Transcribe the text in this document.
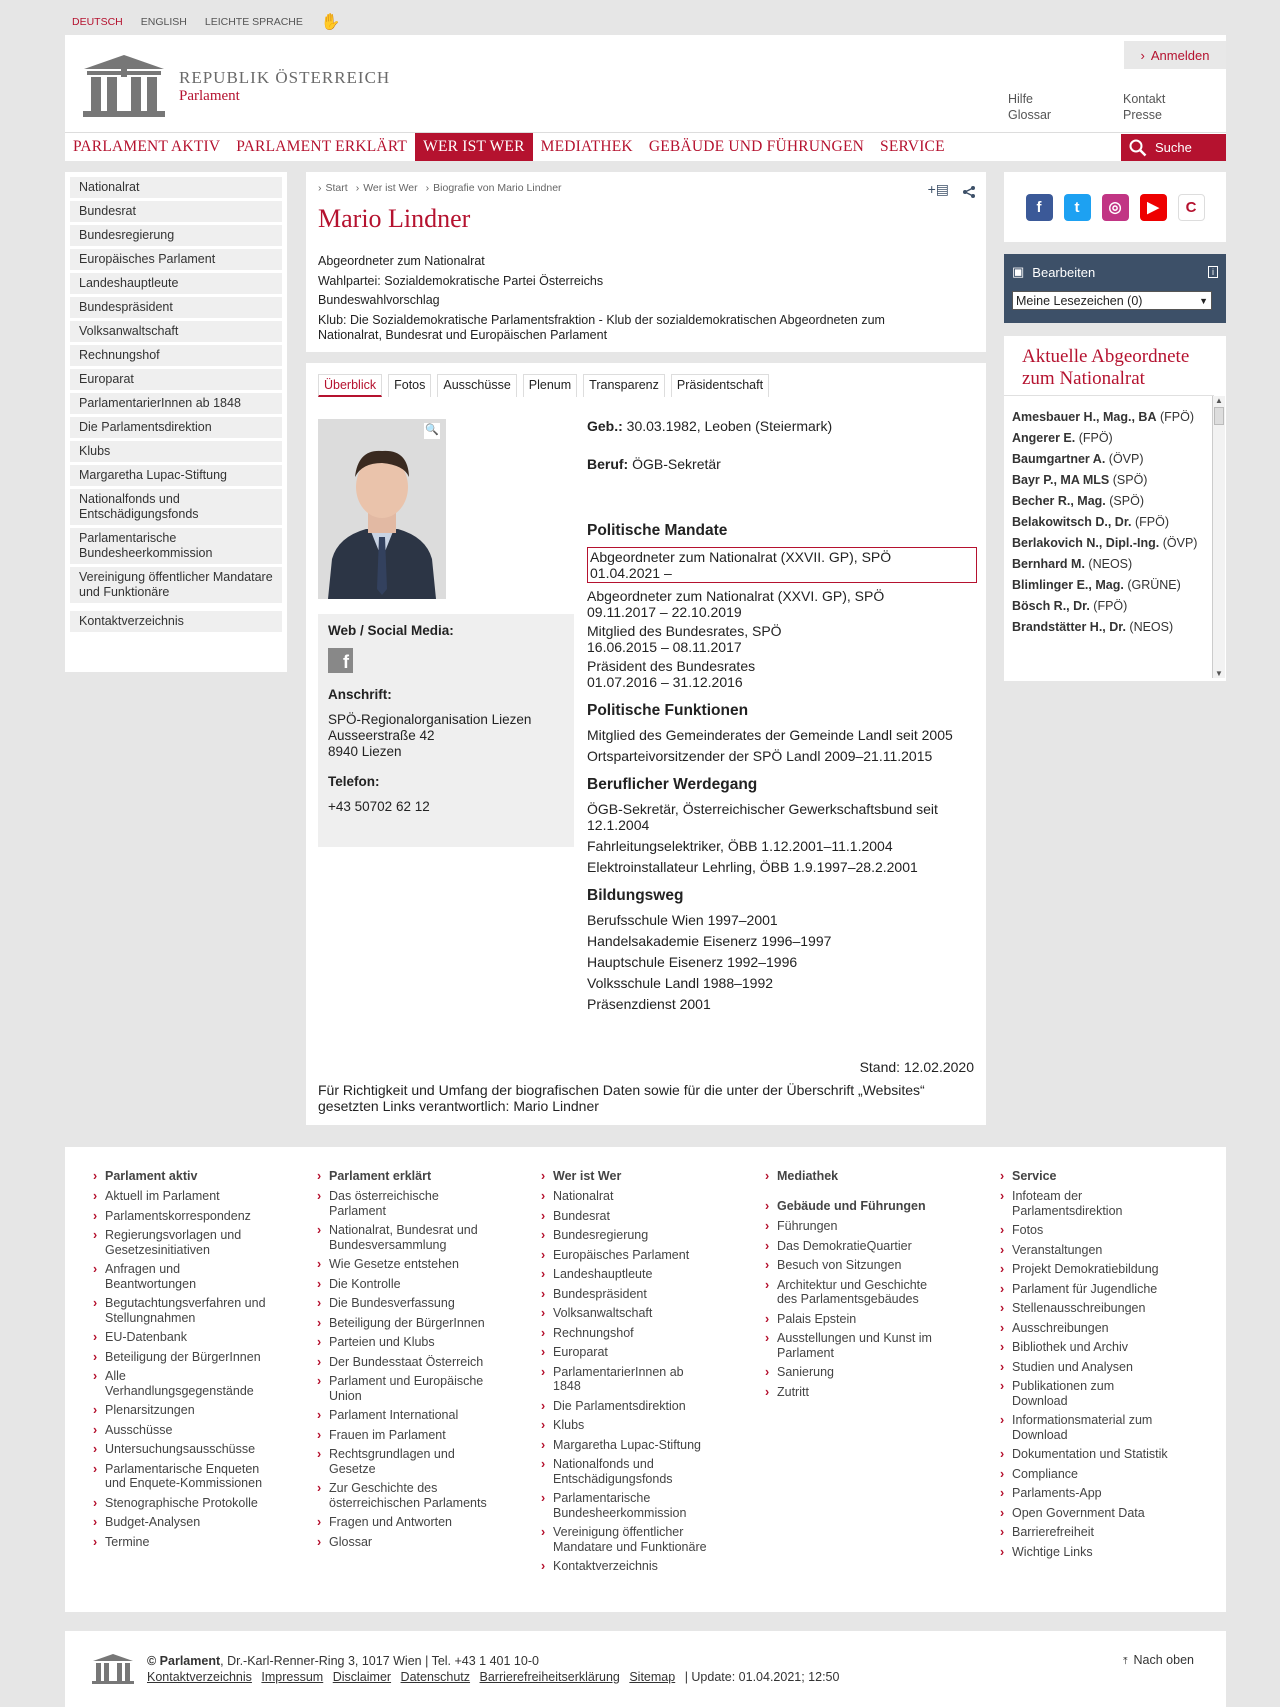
DEUTSCH ENGLISH LEICHTE SPRACHE ✋
› Anmelden
REPUBLIK ÖSTERREICH
Parlament	Hilfe
Glossar
Kontakt
Presse
PARLAMENT AKTIV	PARLAMENT ERKLÄRT	WER IST WER	MEDIATHEK	GEBÄUDE UND FÜHRUNGEN	SERVICE	Suche
Nationalrat
Bundesrat
Bundesregierung
Europäisches Parlament
Landeshauptleute
Bundespräsident
Volksanwaltschaft
Rechnungshof
Europarat
ParlamentarierInnen ab 1848
Die Parlamentsdirektion
Klubs
Margaretha Lupac-Stiftung
Nationalfonds und Entschädigungsfonds
Parlamentarische Bundesheerkommission
Vereinigung öffentlicher Mandatare und Funktionäre
Kontaktverzeichnis
› Start	› Wer ist Wer	› Biografie von Mario Lindner	+▤
Mario Lindner
Abgeordneter zum Nationalrat
Wahlpartei: Sozialdemokratische Partei Österreichs
Bundeswahlvorschlag
Klub: Die Sozialdemokratische Parlamentsfraktion - Klub der sozialdemokratischen Abgeordneten zum Nationalrat, Bundesrat und Europäischen Parlament
Überblick	Fotos	Ausschüsse	Plenum	Transparenz	Präsidentschaft
🔍
Web / Social Media:
f
Anschrift:
SPÖ-Regionalorganisation Liezen
Ausseerstraße 42
8940 Liezen
Telefon:
+43 50702 62 12
Geb.: 30.03.1982, Leoben (Steiermark)
Beruf: ÖGB-Sekretär
Politische Mandate
Abgeordneter zum Nationalrat (XXVII. GP), SPÖ
01.04.2021 –
Abgeordneter zum Nationalrat (XXVI. GP), SPÖ
09.11.2017 – 22.10.2019
Mitglied des Bundesrates, SPÖ
16.06.2015 – 08.11.2017
Präsident des Bundesrates
01.07.2016 – 31.12.2016
Politische Funktionen
Mitglied des Gemeinderates der Gemeinde Landl seit 2005
Ortsparteivorsitzender der SPÖ Landl 2009–21.11.2015
Beruflicher Werdegang
ÖGB-Sekretär, Österreichischer Gewerkschaftsbund seit 12.1.2004
Fahrleitungselektriker, ÖBB 1.12.2001–11.1.2004
Elektroinstallateur Lehrling, ÖBB 1.9.1997–28.2.2001
Bildungsweg
Berufsschule Wien 1997–2001
Handelsakademie Eisenerz 1996–1997
Hauptschule Eisenerz 1992–1996
Volksschule Landl 1988–1992
Präsenzdienst 2001
Stand: 12.02.2020
Für Richtigkeit und Umfang der biografischen Daten sowie für die unter der Überschrift „Websites“ gesetzten Links verantwortlich: Mario Lindner
f	t	◎	▶	C
▣ Bearbeiten	i
Meine Lesezeichen (0)	▼
Aktuelle Abgeordnete zum Nationalrat
Amesbauer H., Mag., BA (FPÖ)
Angerer E. (FPÖ)
Baumgartner A. (ÖVP)
Bayr P., MA MLS (SPÖ)
Becher R., Mag. (SPÖ)
Belakowitsch D., Dr. (FPÖ)
Berlakovich N., Dipl.-Ing. (ÖVP)
Bernhard M. (NEOS)
Blimlinger E., Mag. (GRÜNE)
Bösch R., Dr. (FPÖ)
Brandstätter H., Dr. (NEOS)
▲
▼
› Parlament aktiv
› Aktuell im Parlament
› Parlamentskorrespondenz
› Regierungsvorlagen und Gesetzesinitiativen
› Anfragen und Beantwortungen
› Begutachtungsverfahren und Stellungnahmen
› EU-Datenbank
› Beteiligung der BürgerInnen
› Alle Verhandlungsgegenstände
› Plenarsitzungen
› Ausschüsse
› Untersuchungsausschüsse
› Parlamentarische Enqueten und Enquete-Kommissionen
› Stenographische Protokolle
› Budget-Analysen
› Termine
› Parlament erklärt
› Das österreichische Parlament
› Nationalrat, Bundesrat und Bundesversammlung
› Wie Gesetze entstehen
› Die Kontrolle
› Die Bundesverfassung
› Beteiligung der BürgerInnen
› Parteien und Klubs
› Der Bundesstaat Österreich
› Parlament und Europäische Union
› Parlament International
› Frauen im Parlament
› Rechtsgrundlagen und Gesetze
› Zur Geschichte des österreichischen Parlaments
› Fragen und Antworten
› Glossar
› Wer ist Wer
› Nationalrat
› Bundesrat
› Bundesregierung
› Europäisches Parlament
› Landeshauptleute
› Bundespräsident
› Volksanwaltschaft
› Rechnungshof
› Europarat
› ParlamentarierInnen ab 1848
› Die Parlamentsdirektion
› Klubs
› Margaretha Lupac-Stiftung
› Nationalfonds und Entschädigungsfonds
› Parlamentarische Bundesheerkommission
› Vereinigung öffentlicher Mandatare und Funktionäre
› Kontaktverzeichnis
› Mediathek
› Gebäude und Führungen
› Führungen
› Das DemokratieQuartier
› Besuch von Sitzungen
› Architektur und Geschichte des Parlamentsgebäudes
› Palais Epstein
› Ausstellungen und Kunst im Parlament
› Sanierung
› Zutritt
› Service
› Infoteam der Parlamentsdirektion
› Fotos
› Veranstaltungen
› Projekt Demokratiebildung
› Parlament für Jugendliche
› Stellenausschreibungen
› Ausschreibungen
› Bibliothek und Archiv
› Studien und Analysen
› Publikationen zum Download
› Informationsmaterial zum Download
› Dokumentation und Statistik
› Compliance
› Parlaments-App
› Open Government Data
› Barrierefreiheit
› Wichtige Links
© Parlament, Dr.-Karl-Renner-Ring 3, 1017 Wien | Tel. +43 1 401 10-0
Kontaktverzeichnis Impressum Disclaimer Datenschutz Barrierefreiheitserklärung Sitemap | Update: 01.04.2021; 12:50
⤒ Nach oben
